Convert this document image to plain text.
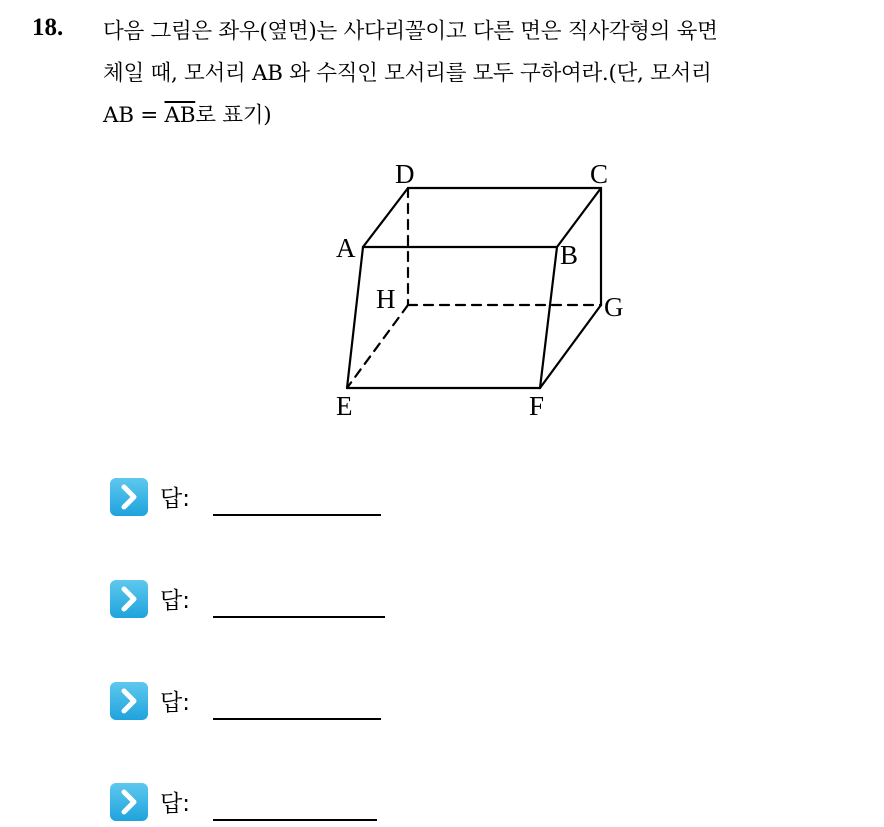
18. 다음 그림은 좌우(옆면)는 사다리꼴이고 다른 면은 직사각형의 육면
체일 때, 모서리 AB 와 수직인 모서리를 모두 구하여라.(단, 모서리
AB = $\overline{AB}$로 표기)
D	C
A	B
H	G
E	F
답:
답:
답:
답:
